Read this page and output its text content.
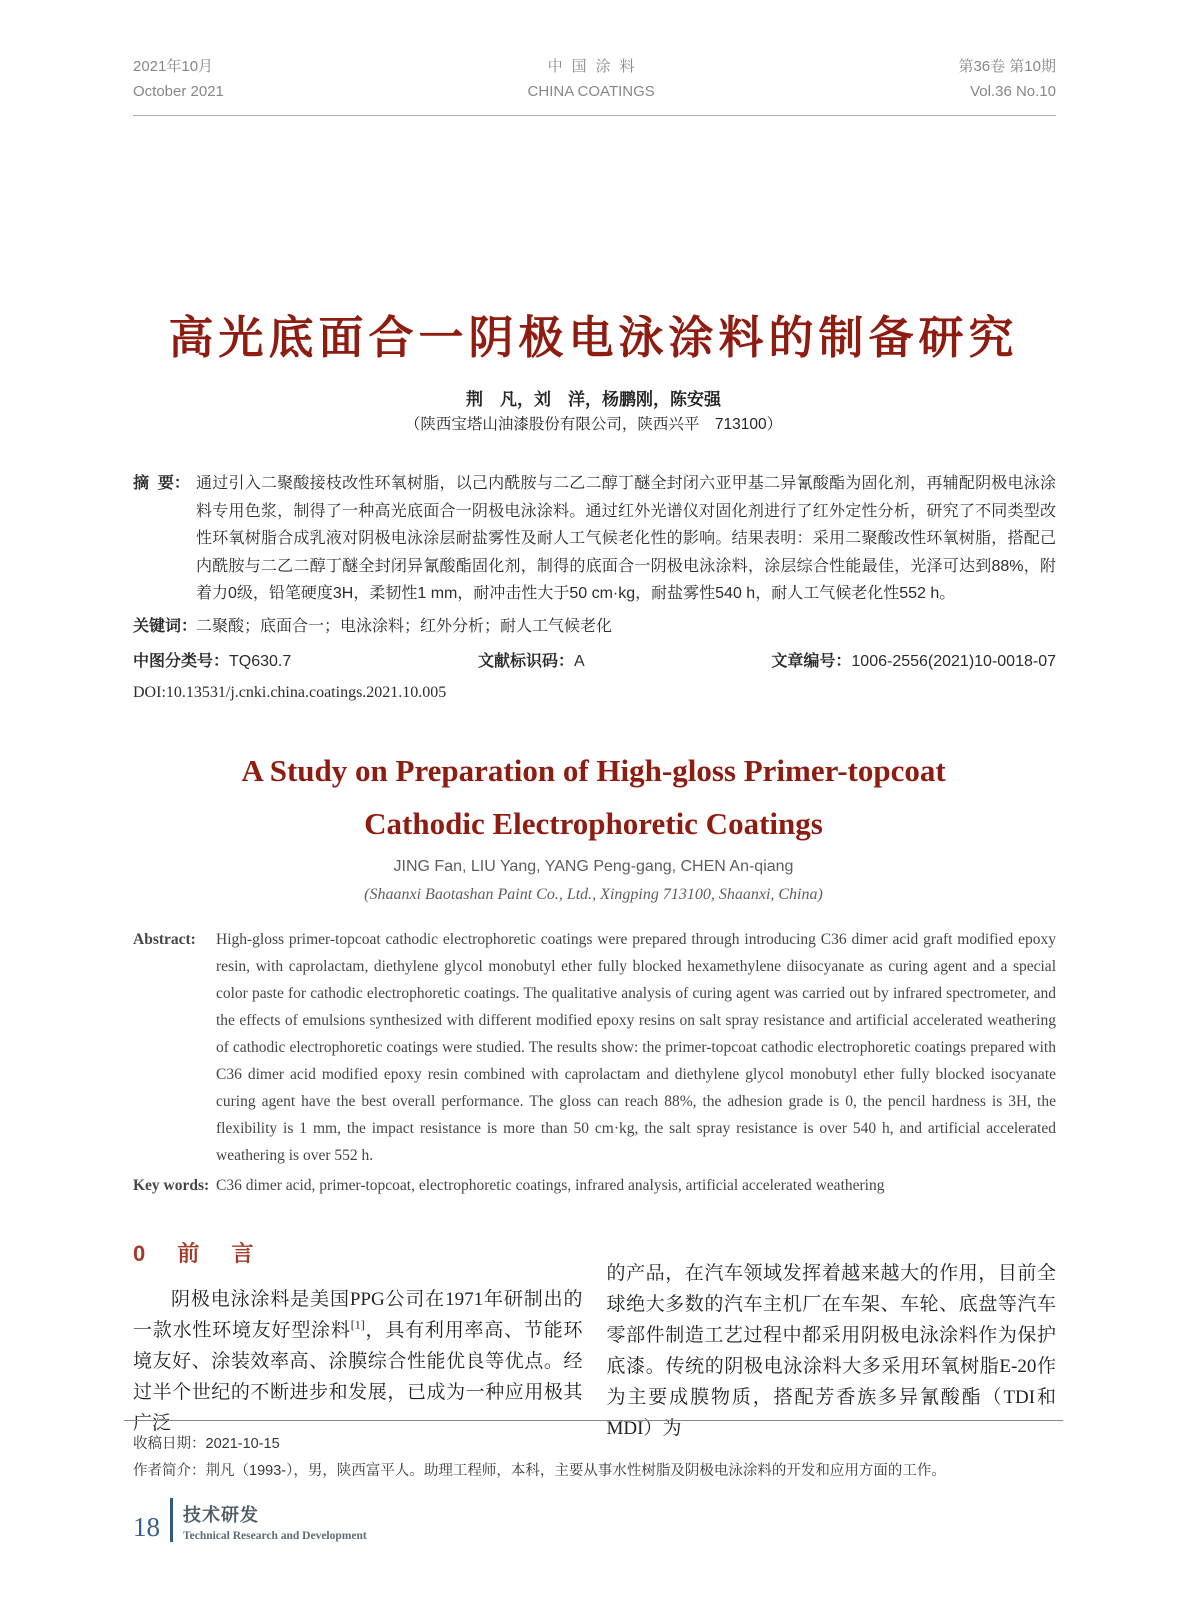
2021年10月
October 2021
中国涂料
CHINA COATINGS
第36卷 第10期
Vol.36 No.10
高光底面合一阴极电泳涂料的制备研究
荆　凡，刘　洋，杨鹏刚，陈安强
（陕西宝塔山油漆股份有限公司，陕西兴平　713100）

摘  要： 通过引入二聚酸接枝改性环氧树脂，以己内酰胺与二乙二醇丁醚全封闭六亚甲基二异氰酸酯为固化剂，再辅配阴极电泳涂料专用色浆，制得了一种高光底面合一阴极电泳涂料。通过红外光谱仪对固化剂进行了红外定性分析，研究了不同类型改性环氧树脂合成乳液对阴极电泳涂层耐盐雾性及耐人工气候老化性的影响。结果表明：采用二聚酸改性环氧树脂，搭配己内酰胺与二乙二醇丁醚全封闭异氰酸酯固化剂，制得的底面合一阴极电泳涂料，涂层综合性能最佳，光泽可达到88%，附着力0级，铅笔硬度3H，柔韧性1 mm，耐冲击性大于50 cm·kg，耐盐雾性540 h，耐人工气候老化性552 h。

关键词：
二聚酸；底面合一；电泳涂料；红外分析；耐人工气候老化

中图分类号：TQ630.7	文献标识码：A	文章编号：1006-2556(2021)10-0018-07

DOI:10.13531/j.cnki.china.coatings.2021.10.005

A Study on Preparation of High-gloss Primer-topcoat Cathodic Electrophoretic Coatings
JING Fan, LIU Yang, YANG Peng-gang, CHEN An-qiang
(Shaanxi Baotashan Paint Co., Ltd., Xingping 713100, Shaanxi, China)

Abstract: High-gloss primer-topcoat cathodic electrophoretic coatings were prepared through introducing C36 dimer acid graft modified epoxy resin, with caprolactam, diethylene glycol monobutyl ether fully blocked hexamethylene diisocyanate as curing agent and a special color paste for cathodic electrophoretic coatings. The qualitative analysis of curing agent was carried out by infrared spectrometer, and the effects of emulsions synthesized with different modified epoxy resins on salt spray resistance and artificial accelerated weathering of cathodic electrophoretic coatings were studied. The results show: the primer-topcoat cathodic electrophoretic coatings prepared with C36 dimer acid modified epoxy resin combined with caprolactam and diethylene glycol monobutyl ether fully blocked isocyanate curing agent have the best overall performance. The gloss can reach 88%, the adhesion grade is 0, the pencil hardness is 3H, the flexibility is 1 mm, the impact resistance is more than 50 cm·kg, the salt spray resistance is over 540 h, and artificial accelerated weathering is over 552 h.

Key words: C36 dimer acid, primer-topcoat, electrophoretic coatings, infrared analysis, artificial accelerated weathering

0 前 言

阴极电泳涂料是美国PPG公司在1971年研制出的一款水性环境友好型涂料[1]，具有利用率高、节能环境友好、涂装效率高、涂膜综合性能优良等优点。经过半个世纪的不断进步和发展，已成为一种应用极其广泛

的产品，在汽车领域发挥着越来越大的作用，目前全球绝大多数的汽车主机厂在车架、车轮、底盘等汽车零部件制造工艺过程中都采用阴极电泳涂料作为保护底漆。传统的阴极电泳涂料大多采用环氧树脂E-20作为主要成膜物质，搭配芳香族多异氰酸酯（TDI和MDI）为

收稿日期：2021-10-15
作者简介：荆凡（1993-），男，陕西富平人。助理工程师，本科，主要从事水性树脂及阴极电泳涂料的开发和应用方面的工作。
18 技术研发
Technical Research and Development
